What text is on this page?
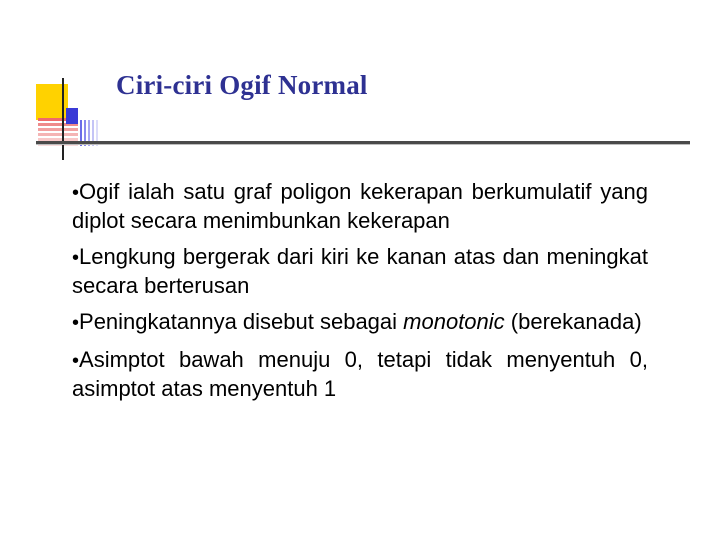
Ciri-ciri Ogif Normal
•Ogif ialah satu graf poligon kekerapan berkumulatif yang diplot secara menimbunkan kekerapan
•Lengkung bergerak dari kiri ke kanan atas dan meningkat secara berterusan
•Peningkatannya disebut sebagai monotonic (berekanada)
•Asimptot bawah menuju 0, tetapi tidak menyentuh 0, asimptot atas menyentuh 1
